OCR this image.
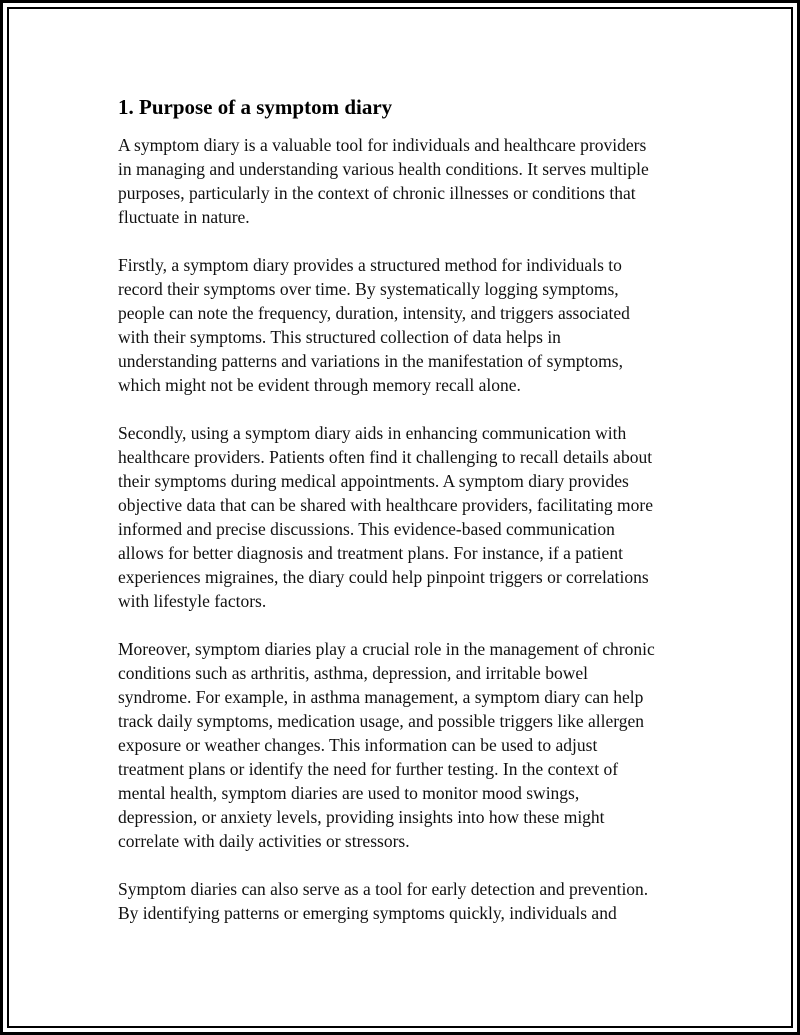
1. Purpose of a symptom diary

A symptom diary is a valuable tool for individuals and healthcare providers
in managing and understanding various health conditions. It serves multiple
purposes, particularly in the context of chronic illnesses or conditions that
fluctuate in nature.

Firstly, a symptom diary provides a structured method for individuals to
record their symptoms over time. By systematically logging symptoms,
people can note the frequency, duration, intensity, and triggers associated
with their symptoms. This structured collection of data helps in
understanding patterns and variations in the manifestation of symptoms,
which might not be evident through memory recall alone.

Secondly, using a symptom diary aids in enhancing communication with
healthcare providers. Patients often find it challenging to recall details about
their symptoms during medical appointments. A symptom diary provides
objective data that can be shared with healthcare providers, facilitating more
informed and precise discussions. This evidence-based communication
allows for better diagnosis and treatment plans. For instance, if a patient
experiences migraines, the diary could help pinpoint triggers or correlations
with lifestyle factors.

Moreover, symptom diaries play a crucial role in the management of chronic
conditions such as arthritis, asthma, depression, and irritable bowel
syndrome. For example, in asthma management, a symptom diary can help
track daily symptoms, medication usage, and possible triggers like allergen
exposure or weather changes. This information can be used to adjust
treatment plans or identify the need for further testing. In the context of
mental health, symptom diaries are used to monitor mood swings,
depression, or anxiety levels, providing insights into how these might
correlate with daily activities or stressors.

Symptom diaries can also serve as a tool for early detection and prevention.
By identifying patterns or emerging symptoms quickly, individuals and
